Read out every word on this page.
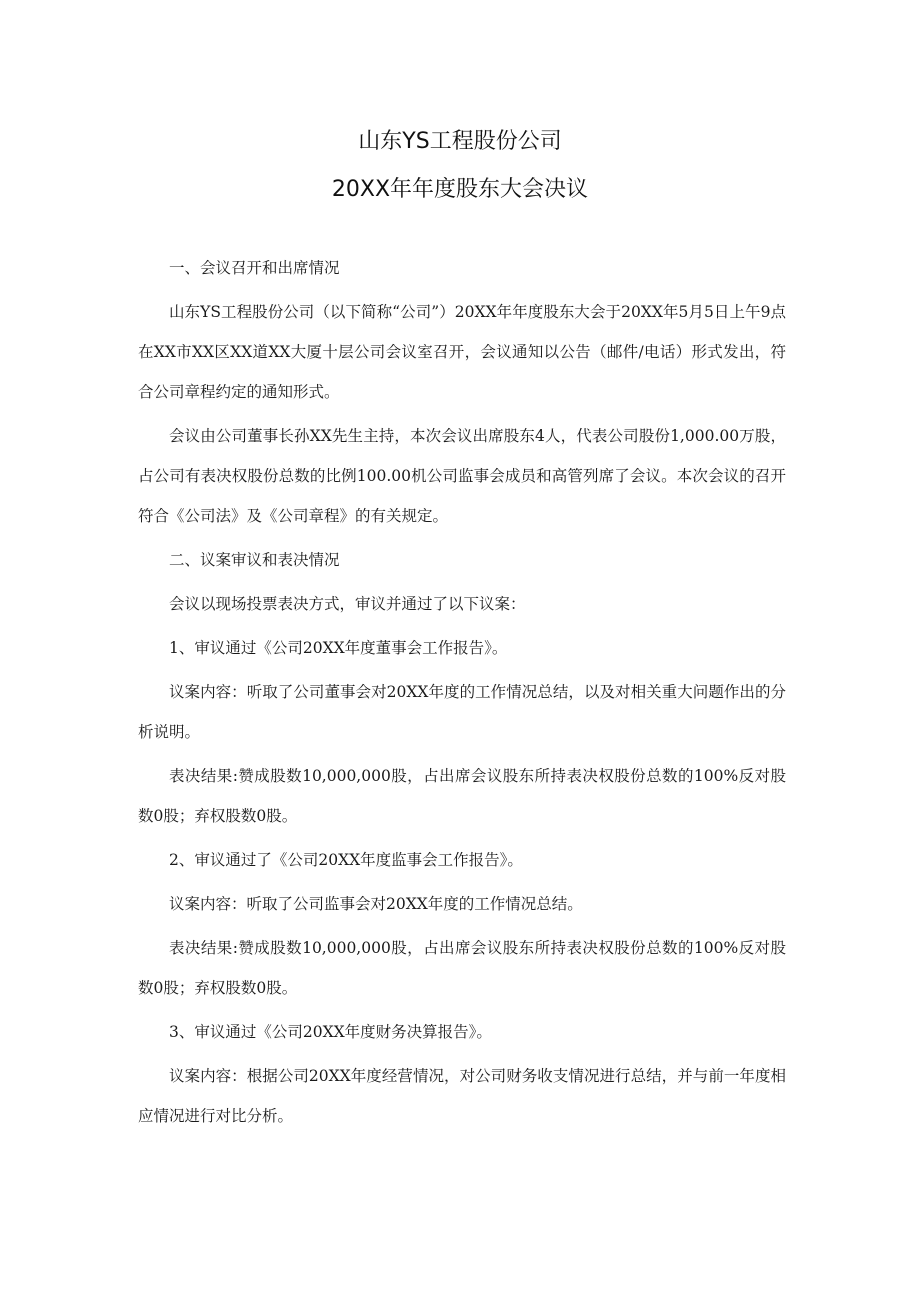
山东YS工程股份公司
20XX年年度股东大会决议

一、会议召开和出席情况

山东YS工程股份公司（以下简称“公司”）20XX年年度股东大会于20XX年5月5日上午9点在XX市XX区XX道XX大厦十层公司会议室召开，会议通知以公告（邮件/电话）形式发出，符合公司章程约定的通知形式。

会议由公司董事长孙XX先生主持，本次会议出席股东4人，代表公司股份1,000.00万股，占公司有表决权股份总数的比例100.00机公司监事会成员和高管列席了会议。本次会议的召开符合《公司法》及《公司章程》的有关规定。

二、议案审议和表决情况

会议以现场投票表决方式，审议并通过了以下议案：

1、审议通过《公司20XX年度董事会工作报告》。

议案内容：听取了公司董事会对20XX年度的工作情况总结，以及对相关重大问题作出的分析说明。

表决结果:赞成股数10,000,000股，占出席会议股东所持表决权股份总数的100%反对股数0股；弃权股数0股。

2、审议通过了《公司20XX年度监事会工作报告》。

议案内容：听取了公司监事会对20XX年度的工作情况总结。

表决结果:赞成股数10,000,000股，占出席会议股东所持表决权股份总数的100%反对股数0股；弃权股数0股。

3、审议通过《公司20XX年度财务决算报告》。

议案内容：根据公司20XX年度经营情况，对公司财务收支情况进行总结，并与前一年度相应情况进行对比分析。
